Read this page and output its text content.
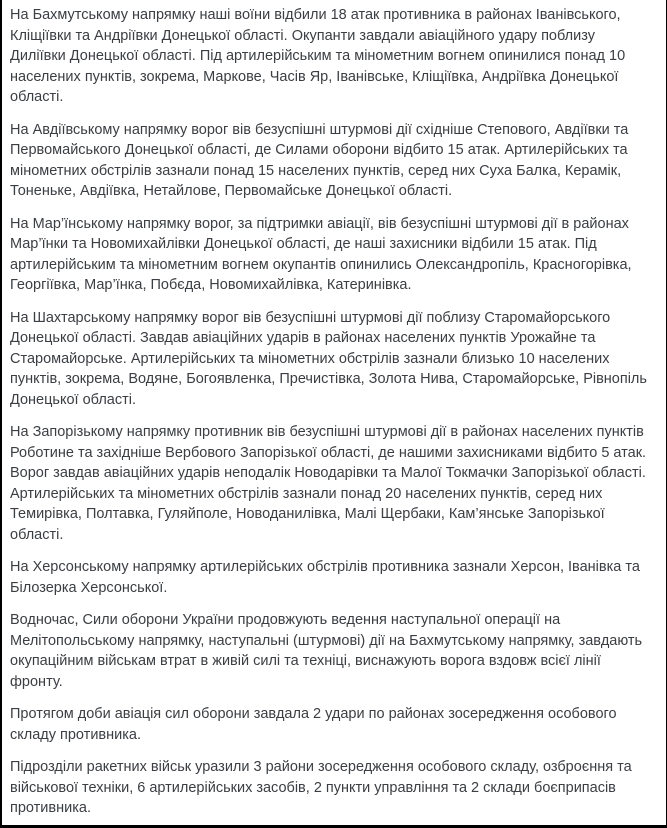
На Бахмутському напрямку наші воїни відбили 18 атак противника в районах Іванівського, Кліщіївки та Андріївки Донецької області. Окупанти завдали авіаційного удару поблизу Диліївки Донецької області. Під артилерійським та мінометним вогнем опинилися понад 10 населених пунктів, зокрема, Маркове, Часів Яр, Іванівське, Кліщіївка, Андріївка Донецької області.

На Авдіївському напрямку ворог вів безуспішні штурмові дії східніше Степового, Авдіївки та Первомайського Донецької області, де Силами оборони відбито 15 атак. Артилерійських та мінометних обстрілів зазнали понад 15 населених пунктів, серед них Суха Балка, Керамік, Тоненьке, Авдіївка, Нетайлове, Первомайське Донецької області.

На Мар’їнському напрямку ворог, за підтримки авіації, вів безуспішні штурмові дії в районах Мар’їнки та Новомихайлівки Донецької області, де наші захисники відбили 15 атак. Під артилерійським та мінометним вогнем окупантів опинились Олександропіль, Красногорівка, Георгіївка, Мар’їнка, Побєда, Новомихайлівка, Катеринівка.

На Шахтарському напрямку ворог вів безуспішні штурмові дії поблизу Старомайорського Донецької області. Завдав авіаційних ударів в районах населених пунктів Урожайне та Старомайорське. Артилерійських та мінометних обстрілів зазнали близько 10 населених пунктів, зокрема, Водяне, Богоявленка, Пречистівка, Золота Нива, Старомайорське, Рівнопіль Донецької області.

На Запорізькому напрямку противник вів безуспішні штурмові дії в районах населених пунктів Роботине та західніше Вербового Запорізької області, де нашими захисниками відбито 5 атак. Ворог завдав авіаційних ударів неподалік Новодарівки та Малої Токмачки Запорізької області. Артилерійських та мінометних обстрілів зазнали понад 20 населених пунктів, серед них Темирівка, Полтавка, Гуляйполе, Новоданилівка, Малі Щербаки, Кам’янське Запорізької області.

На Херсонському напрямку артилерійських обстрілів противника зазнали Херсон, Іванівка та Білозерка Херсонської.

Водночас, Сили оборони України продовжують ведення наступальної операції на Мелітопольському напрямку, наступальні (штурмові) дії на Бахмутському напрямку, завдають окупаційним військам втрат в живій силі та техніці, виснажують ворога вздовж всієї лінії фронту.

Протягом доби авіація сил оборони завдала 2 удари по районах зосередження особового складу противника.

Підрозділи ракетних військ уразили 3 райони зосередження особового складу, озброєння та військової техніки, 6 артилерійських засобів, 2 пункти управління та 2 склади боєприпасів противника.
